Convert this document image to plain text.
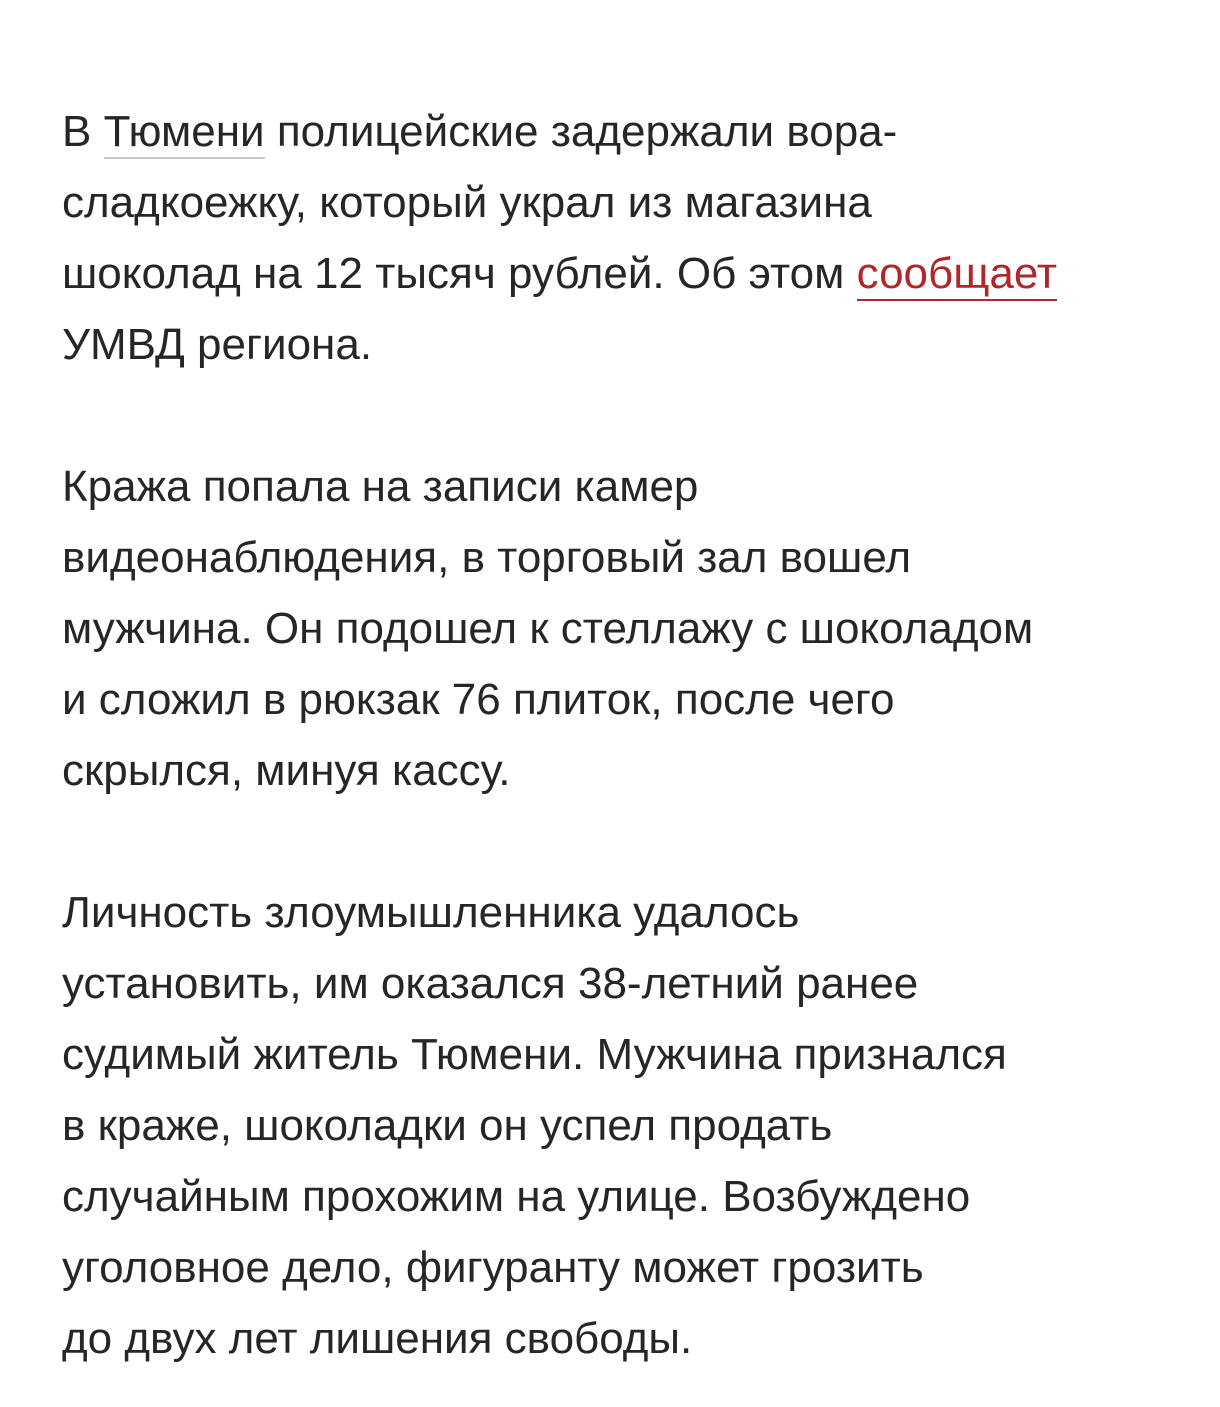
В Тюмени полицейские задержали вора-
сладкоежку, который украл из магазина
шоколад на 12 тысяч рублей. Об этом сообщает
УМВД региона.

Кража попала на записи камер
видеонаблюдения, в торговый зал вошел
мужчина. Он подошел к стеллажу с шоколадом
и сложил в рюкзак 76 плиток, после чего
скрылся, минуя кассу.

Личность злоумышленника удалось
установить, им оказался 38-летний ранее
судимый житель Тюмени. Мужчина признался
в краже, шоколадки он успел продать
случайным прохожим на улице. Возбуждено
уголовное дело, фигуранту может грозить
до двух лет лишения свободы.
